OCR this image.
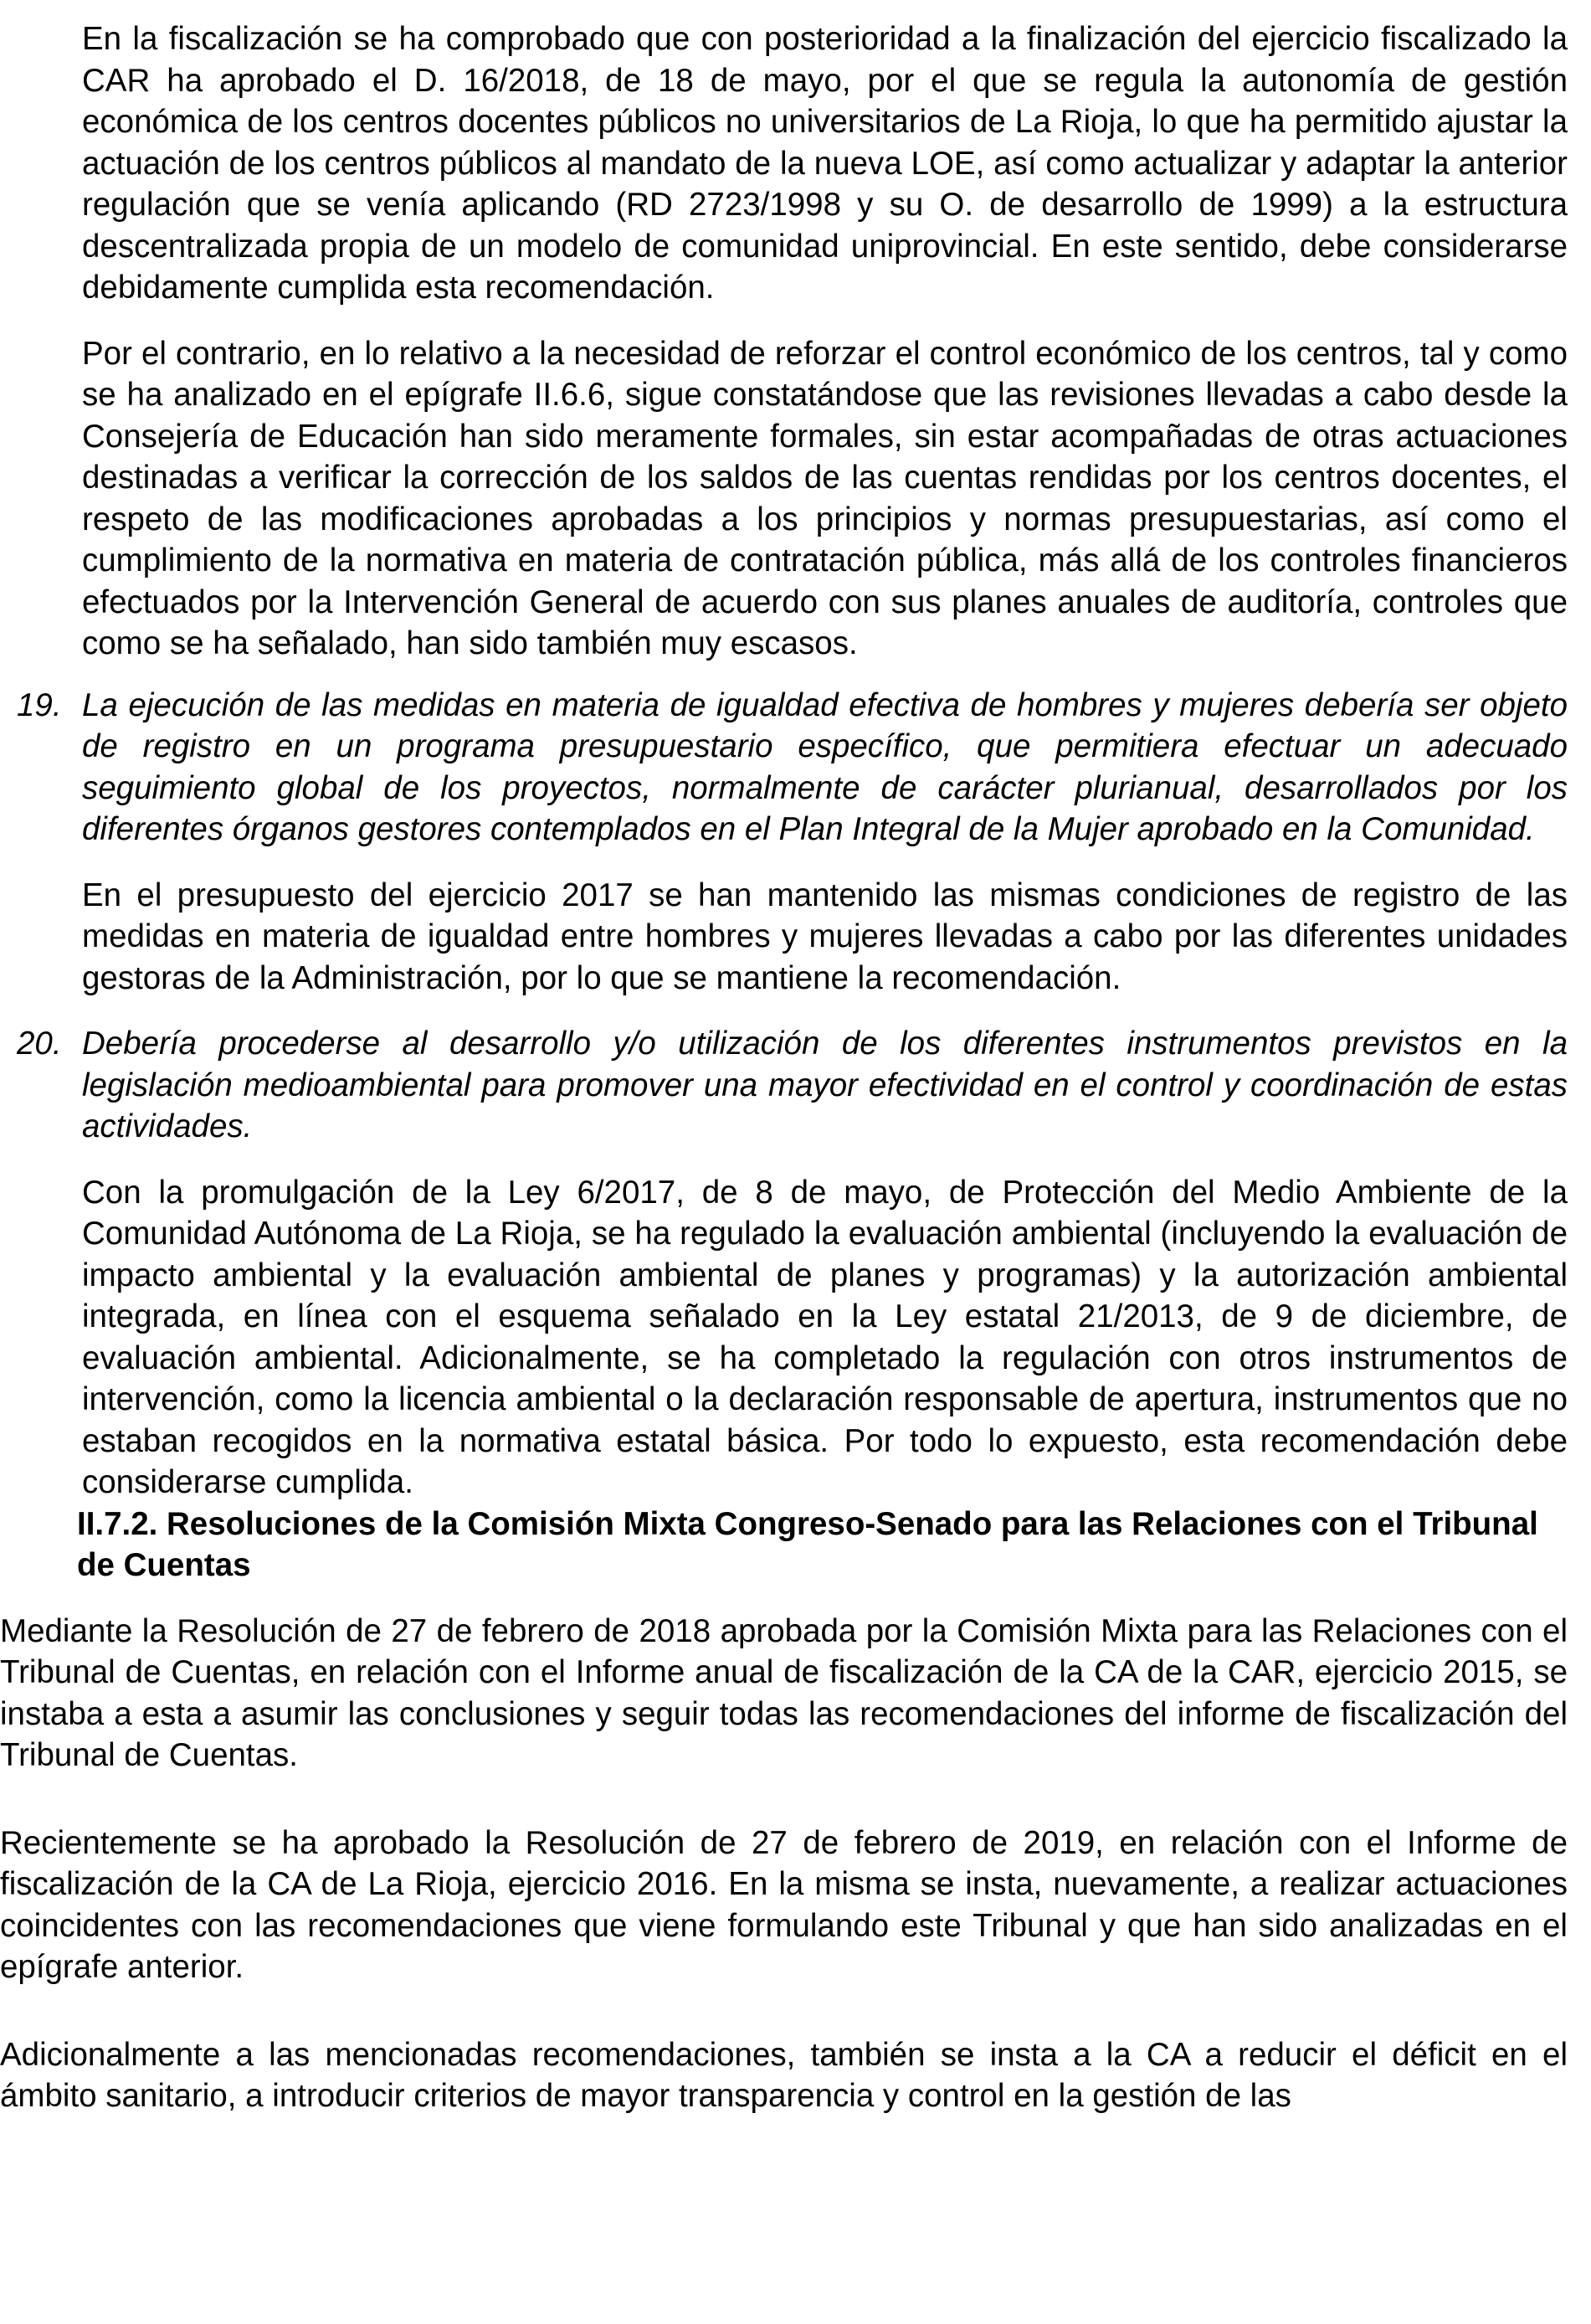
En la fiscalización se ha comprobado que con posterioridad a la finalización del ejercicio fiscalizado la CAR ha aprobado el D. 16/2018, de 18 de mayo, por el que se regula la autonomía de gestión económica de los centros docentes públicos no universitarios de La Rioja, lo que ha permitido ajustar la actuación de los centros públicos al mandato de la nueva LOE, así como actualizar y adaptar la anterior regulación que se venía aplicando (RD 2723/1998 y su O. de desarrollo de 1999) a la estructura descentralizada propia de un modelo de comunidad uniprovincial. En este sentido, debe considerarse debidamente cumplida esta recomendación.

Por el contrario, en lo relativo a la necesidad de reforzar el control económico de los centros, tal y como se ha analizado en el epígrafe II.6.6, sigue constatándose que las revisiones llevadas a cabo desde la Consejería de Educación han sido meramente formales, sin estar acompañadas de otras actuaciones destinadas a verificar la corrección de los saldos de las cuentas rendidas por los centros docentes, el respeto de las modificaciones aprobadas a los principios y normas presupuestarias, así como el cumplimiento de la normativa en materia de contratación pública, más allá de los controles financieros efectuados por la Intervención General de acuerdo con sus planes anuales de auditoría, controles que como se ha señalado, han sido también muy escasos.

19. La ejecución de las medidas en materia de igualdad efectiva de hombres y mujeres debería ser objeto de registro en un programa presupuestario específico, que permitiera efectuar un adecuado seguimiento global de los proyectos, normalmente de carácter plurianual, desarrollados por los diferentes órganos gestores contemplados en el Plan Integral de la Mujer aprobado en la Comunidad.

En el presupuesto del ejercicio 2017 se han mantenido las mismas condiciones de registro de las medidas en materia de igualdad entre hombres y mujeres llevadas a cabo por las diferentes unidades gestoras de la Administración, por lo que se mantiene la recomendación.

20. Debería procederse al desarrollo y/o utilización de los diferentes instrumentos previstos en la legislación medioambiental para promover una mayor efectividad en el control y coordinación de estas actividades.

Con la promulgación de la Ley 6/2017, de 8 de mayo, de Protección del Medio Ambiente de la Comunidad Autónoma de La Rioja, se ha regulado la evaluación ambiental (incluyendo la evaluación de impacto ambiental y la evaluación ambiental de planes y programas) y la autorización ambiental integrada, en línea con el esquema señalado en la Ley estatal 21/2013, de 9 de diciembre, de evaluación ambiental. Adicionalmente, se ha completado la regulación con otros instrumentos de intervención, como la licencia ambiental o la declaración responsable de apertura, instrumentos que no estaban recogidos en la normativa estatal básica. Por todo lo expuesto, esta recomendación debe considerarse cumplida.

II.7.2. Resoluciones de la Comisión Mixta Congreso-Senado para las Relaciones con el Tribunal de Cuentas

Mediante la Resolución de 27 de febrero de 2018 aprobada por la Comisión Mixta para las Relaciones con el Tribunal de Cuentas, en relación con el Informe anual de fiscalización de la CA de la CAR, ejercicio 2015, se instaba a esta a asumir las conclusiones y seguir todas las recomendaciones del informe de fiscalización del Tribunal de Cuentas.

Recientemente se ha aprobado la Resolución de 27 de febrero de 2019, en relación con el Informe de fiscalización de la CA de La Rioja, ejercicio 2016. En la misma se insta, nuevamente, a realizar actuaciones coincidentes con las recomendaciones que viene formulando este Tribunal y que han sido analizadas en el epígrafe anterior.

Adicionalmente a las mencionadas recomendaciones, también se insta a la CA a reducir el déficit en el ámbito sanitario, a introducir criterios de mayor transparencia y control en la gestión de las
